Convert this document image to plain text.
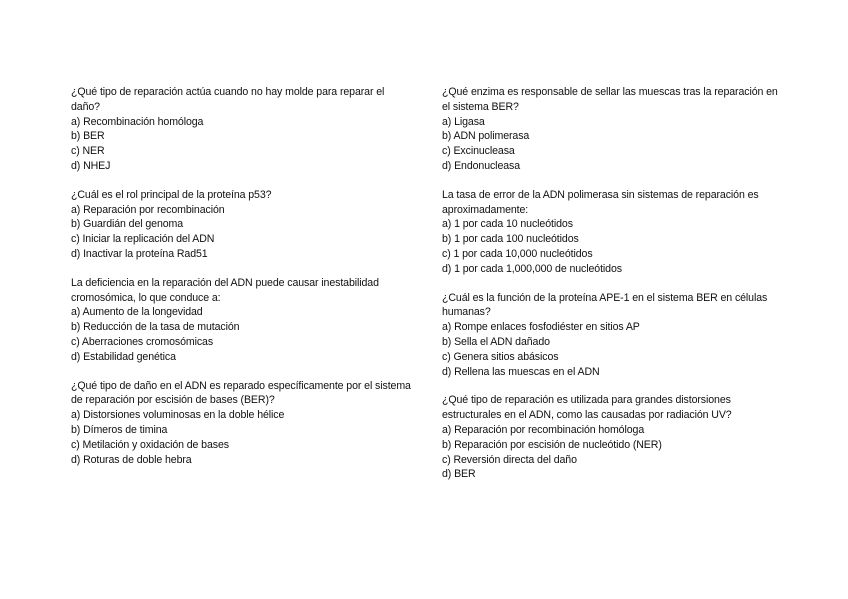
¿Qué tipo de reparación actúa cuando no hay molde para reparar el daño?

a) Recombinación homóloga
b) BER
c) NER
d) NHEJ

¿Cuál es el rol principal de la proteína p53?

a) Reparación por recombinación
b) Guardián del genoma
c) Iniciar la replicación del ADN
d) Inactivar la proteína Rad51

La deficiencia en la reparación del ADN puede causar inestabilidad cromosómica, lo que conduce a:

a) Aumento de la longevidad
b) Reducción de la tasa de mutación
c) Aberraciones cromosómicas
d) Estabilidad genética

¿Qué tipo de daño en el ADN es reparado específicamente por el sistema de reparación por escisión de bases (BER)?

a) Distorsiones voluminosas en la doble hélice
b) Dímeros de timina
c) Metilación y oxidación de bases
d) Roturas de doble hebra

¿Qué enzima es responsable de sellar las muescas tras la reparación en el sistema BER?

a) Ligasa
b) ADN polimerasa
c) Excinucleasa
d) Endonucleasa

La tasa de error de la ADN polimerasa sin sistemas de reparación es aproximadamente:

a) 1 por cada 10 nucleótidos
b) 1 por cada 100 nucleótidos
c) 1 por cada 10,000 nucleótidos
d) 1 por cada 1,000,000 de nucleótidos

¿Cuál es la función de la proteína APE-1 en el sistema BER en células humanas?

a) Rompe enlaces fosfodiéster en sitios AP
b) Sella el ADN dañado
c) Genera sitios abásicos
d) Rellena las muescas en el ADN

¿Qué tipo de reparación es utilizada para grandes distorsiones estructurales en el ADN, como las causadas por radiación UV?

a) Reparación por recombinación homóloga
b) Reparación por escisión de nucleótido (NER)
c) Reversión directa del daño
d) BER
